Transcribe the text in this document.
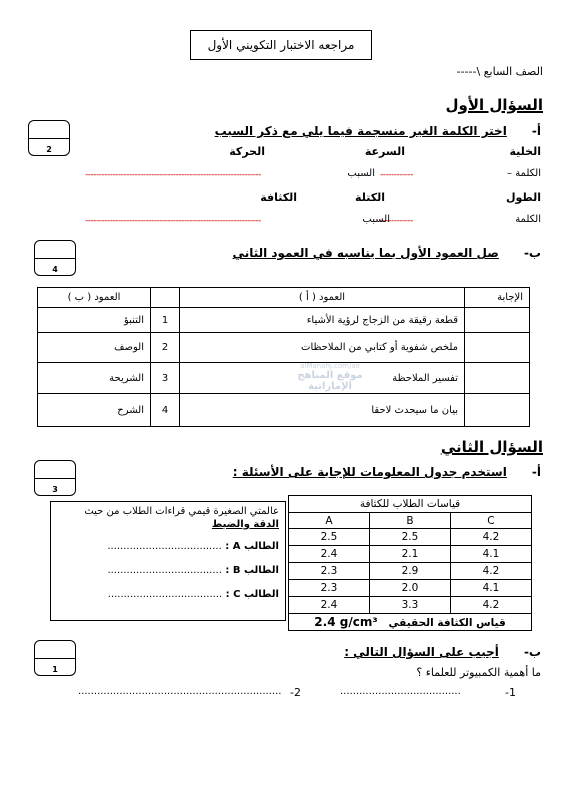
مراجعه الاختبار التكويني الأول
الصف السابع \-----
السؤال الأول
2
أ-      اختر الكلمة الغير منسجمة فيما يلي مع ذكر السبب
الخلية
السرعة
الحركة
الكلمة –
------------
السبب
----------------------------------------------------------------
الطول
الكتلة
الكثافة
الكلمة
------------
السبب
----------------------------------------------------------------
4
ب-      صل العمود الأول بما يناسبه في العمود الثاني
الإجابة	العمود ( أ )		العمود ( ب )
	قطعة رقيقة من الزجاج لرؤية الأشياء	1	التنبؤ
	ملخص شفوية أو كتابي من الملاحظات	2	الوصف
	تفسير الملاحظة	3	الشريحة
	بيان ما سيحدث لاحقا	4	الشرح
alManahj.com/ae
موقع المناهج الإماراتية
السؤال الثاني
3
أ-      استخدم جدول المعلومات للإجابة على الأسئلة :
قياسات الطلاب للكثافة		
A	B	C
2.5	2.5	4.2
2.4	2.1	4.1
2.3	2.9	4.2
2.3	2.0	4.1
2.4	3.3	4.2
قياس الكثافة الحقيقي   2.4 g/cm³		
عالمتي الصغيرة قيمي قراءات الطلاب من حيث
الدقة والضبط
الطالب A : ....................................
الطالب B : ....................................
الطالب C : ....................................
1
ب-      أجيب على السؤال التالي :
ما أهمية الكمبيوتر للعلماء ؟
-1
......................................
-2
................................................................
